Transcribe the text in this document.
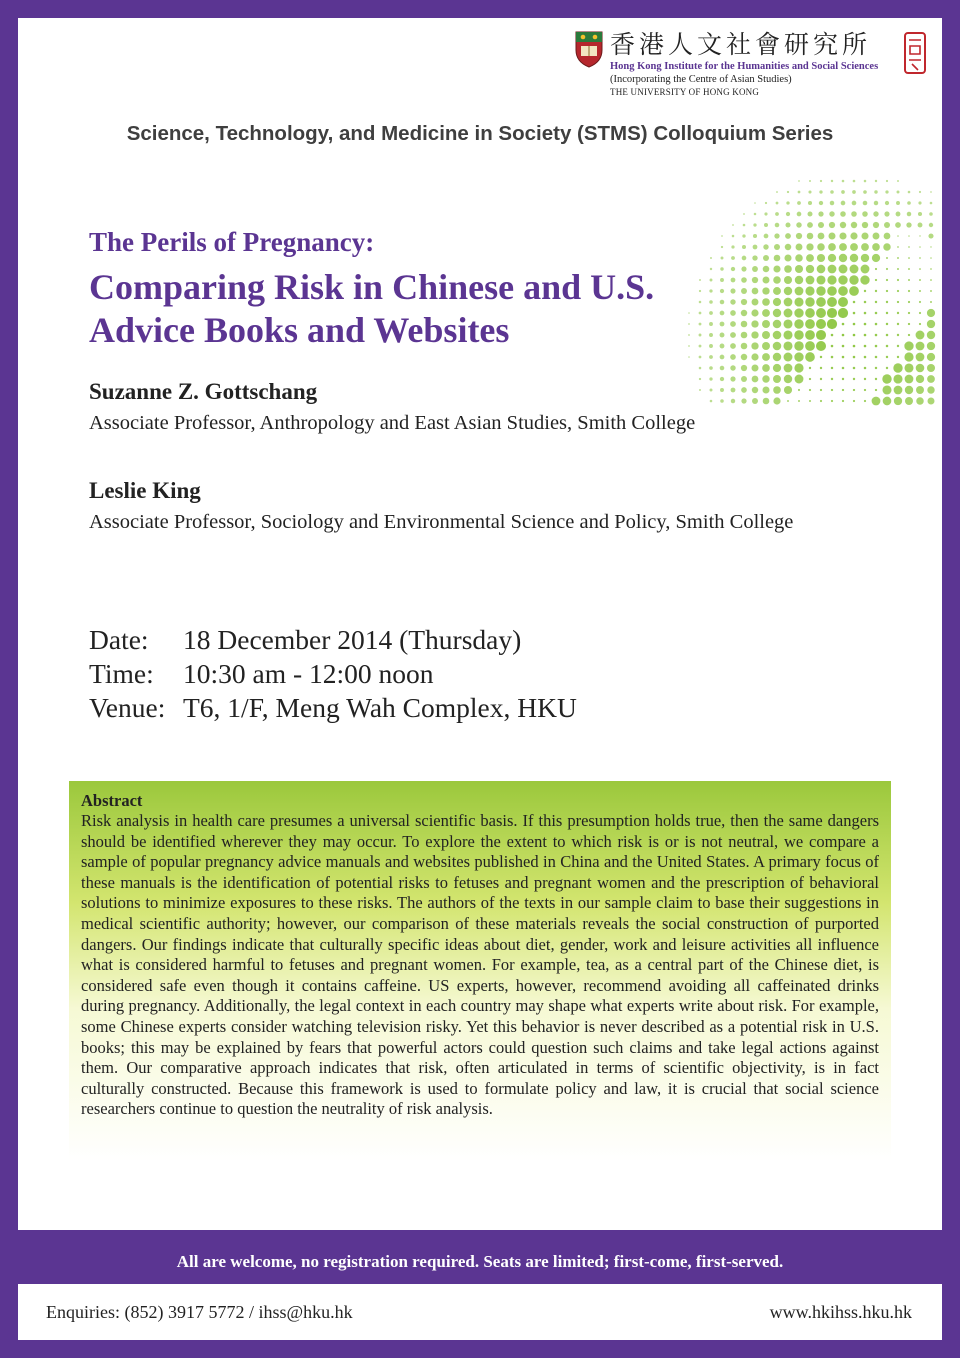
香港人文社會研究所
Hong Kong Institute for the Humanities and Social Sciences
(Incorporating the Centre of Asian Studies)
THE UNIVERSITY OF HONG KONG
Science, Technology, and Medicine in Society (STMS) Colloquium Series
The Perils of Pregnancy:
Comparing Risk in Chinese and U.S. Advice Books and Websites
Suzanne Z. Gottschang
Associate Professor, Anthropology and East Asian Studies, Smith College
Leslie King
Associate Professor, Sociology and Environmental Science and Policy, Smith College
Date: 18 December 2014 (Thursday)
Time: 10:30 am - 12:00 noon
Venue: T6, 1/F, Meng Wah Complex, HKU
Abstract

Risk analysis in health care presumes a universal scientific basis. If this presumption holds true, then the same dangers should be identified wherever they may occur. To explore the extent to which risk is or is not neutral, we compare a sample of popular pregnancy advice manuals and websites published in China and the United States. A primary focus of these manuals is the identification of potential risks to fetuses and pregnant women and the prescription of behavioral solutions to minimize exposures to these risks. The authors of the texts in our sample claim to base their suggestions in medical scientific authority; however, our comparison of these materials reveals the social construction of purported dangers. Our findings indicate that culturally specific ideas about diet, gender, work and leisure activities all influence what is considered harmful to fetuses and pregnant women. For example, tea, as a central part of the Chinese diet, is considered safe even though it contains caffeine. US experts, however, recommend avoiding all caffeinated drinks during pregnancy. Additionally, the legal context in each country may shape what experts write about risk. For example, some Chinese experts consider watching television risky. Yet this behavior is never described as a potential risk in U.S. books; this may be explained by fears that powerful actors could question such claims and take legal actions against them. Our comparative approach indicates that risk, often articulated in terms of scientific objectivity, is in fact culturally constructed. Because this framework is used to formulate policy and law, it is crucial that social science researchers continue to question the neutrality of risk analysis.

All are welcome, no registration required. Seats are limited; first-come, first-served.
Enquiries: (852) 3917 5772 / ihss@hku.hk	www.hkihss.hku.hk
